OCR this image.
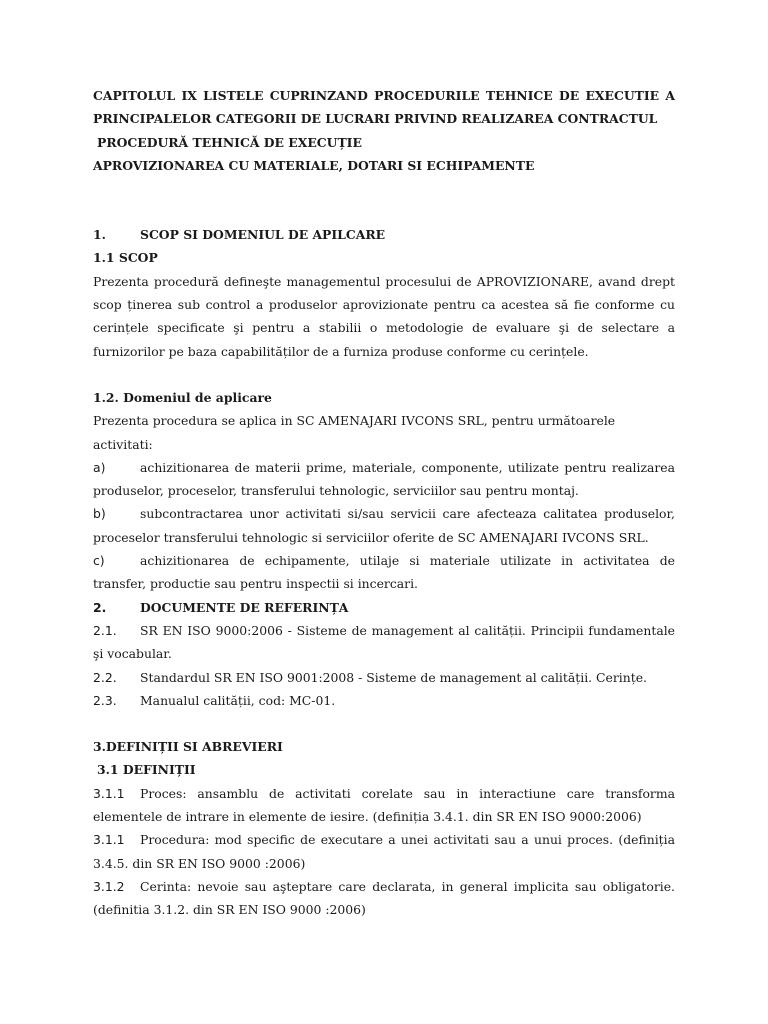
CAPITOLUL IX LISTELE CUPRINZAND PROCEDURILE TEHNICE DE EXECUTIE A

PRINCIPALELOR CATEGORII DE LUCRARI PRIVIND REALIZAREA CONTRACTUL

PROCEDURĂ TEHNICĂ DE EXECUȚIE

APROVIZIONAREA CU MATERIALE, DOTARI SI ECHIPAMENTE

1.	SCOP SI DOMENIUL DE APILCARE

1.1 SCOP

Prezenta procedură defineşte managementul procesului de APROVIZIONARE, avand drept scop ținerea sub control a produselor aprovizionate pentru ca acestea să fie conforme cu cerințele specificate şi pentru a stabilii o metodologie de evaluare şi de selectare a furnizorilor pe baza capabilităților de a furniza produse conforme cu cerințele.

1.2. Domeniul de aplicare

Prezenta procedura se aplica in SC AMENAJARI IVCONS SRL, pentru următoarele activitati:

a)	achizitionarea de materii prime, materiale, componente, utilizate pentru realizarea produselor, proceselor, transferului tehnologic, serviciilor sau pentru montaj.

b)	subcontractarea unor activitati si/sau servicii care afecteaza calitatea produselor, proceselor transferului tehnologic si serviciilor oferite de SC AMENAJARI IVCONS SRL.

c)	achizitionarea de echipamente, utilaje si materiale utilizate in activitatea de transfer, productie sau pentru inspectii si incercari.

2.	DOCUMENTE DE REFERINȚA

2.1. SR EN ISO 9000:2006 - Sisteme de management al calității. Principii fundamentale şi vocabular.

2.2. Standardul SR EN ISO 9001:2008 - Sisteme de management al calității. Cerințe.

2.3. Manualul calității, cod: MC-01.

3.DEFINIȚII SI ABREVIERI

3.1 DEFINIȚII

3.1.1 Proces: ansamblu de activitati corelate sau in interactiune care transforma elementele de intrare in elemente de iesire. (definiția 3.4.1. din SR EN ISO 9000:2006)

3.1.1 Procedura: mod specific de executare a unei activitati sau a unui proces. (definiția 3.4.5. din SR EN ISO 9000 :2006)

3.1.2 Cerinta: nevoie sau aşteptare care declarata, in general implicita sau obligatorie. (definitia 3.1.2. din SR EN ISO 9000 :2006)
